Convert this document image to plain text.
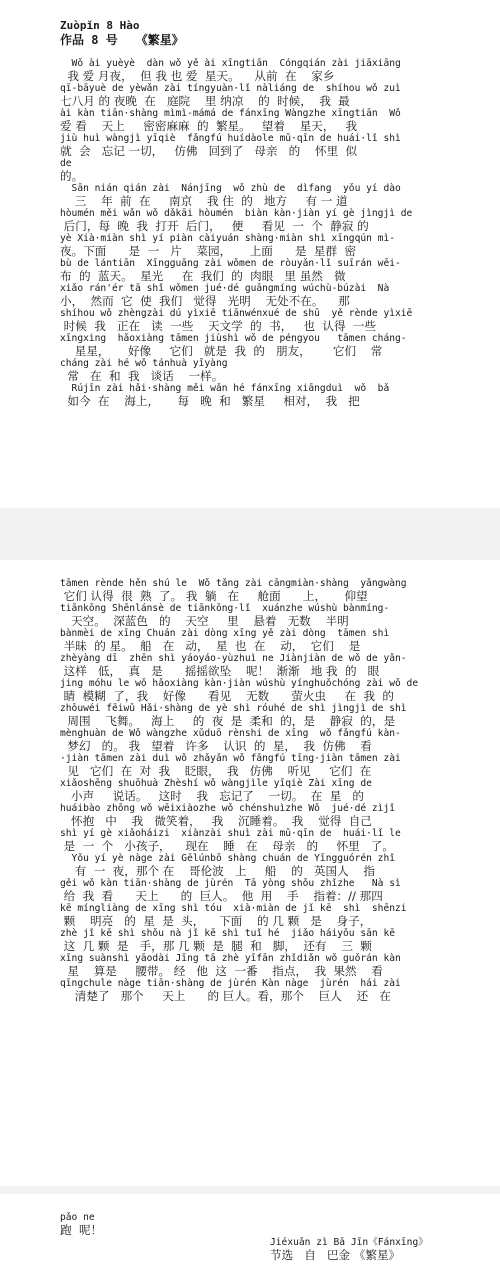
Zuòpǐn 8 Hào
作品 8 号 《繁星》
Wǒ ài yuèyè  dàn wǒ yě ài xīngtiān  Cóngqián zài jiāxiāng
我 爱 月夜，  但 我 也 爱  星天。    从前  在    家乡
qī-bāyuè de yèwǎn zài tíngyuàn·lǐ nàliáng de  shíhou wǒ zuì
七八月 的 夜晚  在   庭院    里 纳凉    的  时候，  我  最
ài kàn tiān·shàng mìmì-mámá de fánxīng Wàngzhe xīngtiān  Wǒ
爱 看    天上     密密麻麻  的  繁星。   望着    星天，   我
jiù huì wàngjì yīqiè  fǎngfú huídàole mǔ·qīn de huái·lǐ shì
就  会   忘记 一切，   仿佛   回到了   母亲   的    怀里  似
de
的。
Sān nián qián zài  Nánjīng  wǒ zhù de  dìfang  yǒu yí dào
三    年  前  在     南京    我 住  的   地方     有 一 道
hòumén měi wǎn wǒ dǎkāi hòumén  biàn kàn·jiàn yí gè jìngjì de
后门，每  晚  我  打开  后门，   便     看见  一  个  静寂 的
yè Xià·miàn shì yí piàn càiyuán shàng·miàn shì xīngqún mì-
夜。下面      是  一   片    菜园，     上面      是  星群  密
bù de lántiān  Xīngguāng zài wǒmen de ròuyǎn·lǐ suīrán wēi-
布  的  蓝天。  星光     在  我们  的  肉眼   里 虽然   微
xiǎo rán'ér tā shǐ wǒmen jué·dé guāngmíng wúchù-búzài  Nà
小，  然而  它  使  我们   觉得   光明    无处不在。    那
shíhou wǒ zhèngzài dú yìxiē tiānwénxué de shū  yě rènde yìxiē
时候  我   正在   读  一些    天文学  的  书，   也  认得  一些
xīngxing  hǎoxiàng tāmen jiùshì wǒ de péngyou   tāmen cháng-
星星，     好像     它们   就是  我  的   朋友，      它们    常
cháng zài hé wǒ tánhuà yīyàng
常   在  和  我   谈话    一样。
Rújīn zài hǎi·shàng měi wǎn hé fánxīng xiāngduì  wǒ  bǎ
如今  在    海上，     每   晚  和   繁星     相对，  我   把
tāmen rènde hěn shú le  Wǒ tǎng zài cāngmiàn·shàng  yǎngwàng
它们 认得  很  熟  了。 我  躺   在     舱面      上，     仰望
tiānkōng Shēnlánsè de tiānkōng·lǐ  xuánzhe wúshù bànmíng-
天空。  深蓝色   的    天空     里    悬着   无数    半明
bànmèi de xīng Chuán zài dòng xīng yě zài dòng  tāmen shì
半昧  的 星。  船   在   动，  星  也  在    动，  它们    是
zhèyàng dī  zhēn shì yáoyáo-yùzhuì ne Jiànjiàn de wǒ de yǎn-
这样   低，  真   是      摇摇欲坠    呢！  渐渐   地 我  的   眼
jing móhu le wǒ hǎoxiàng kàn·jiàn wúshù yínghuǒchóng zài wǒ de
睛  模糊  了，我    好像      看见    无数      萤火虫     在  我  的
zhōuwéi fēiwǔ Hǎi·shàng de yè shì róuhé de shì jìngjì de shì
周围    飞舞。   海上     的  夜  是  柔和  的，是    静寂  的，是
mènghuàn de Wǒ wàngzhe xǔduō rènshi de xīng  wǒ fǎngfú kàn-
梦幻   的。 我   望着   许多    认识  的  星，  我  仿佛    看
·jiàn tāmen zài duì wǒ zhǎyǎn wǒ fǎngfú tīng·jiàn tāmen zài
见   它们  在  对  我    眨眼，  我   仿佛    听见     它们  在
xiǎoshēng shuōhuà Zhèshí wǒ wàngjìle yīqiè Zài xīng de
小声     说话。   这时    我   忘记了    一切。  在  星   的
huáibào zhōng wǒ wēixiàozhe wǒ chénshuìzhe Wǒ  jué·dé zìjǐ
怀抱   中    我   微笑着，   我    沉睡着。  我    觉得  自己
shì yí gè xiǎoháizi  xiànzài shuì zài mǔ·qīn de  huái·lǐ le
是  一  个   小孩子，    现在    睡   在    母亲   的     怀里   了。
Yǒu yí yè nàge zài Gēlúnbō shàng chuán de Yīngguórén zhǐ
有  一  夜，那个 在    哥伦波   上     船    的   英国人    指
gěi wǒ kàn tiān·shàng de jùrén  Tā yòng shǒu zhǐzhe   Nà sì
给  我  看      天上      的  巨人。  他  用    手    指着：// 那四
kē míngliàng de xīng shì tóu  xià·miàn de jǐ kē  shì  shēnzi
颗    明亮   的  星  是  头，    下面    的 几 颗   是    身子，
zhè jǐ kē shì shǒu nà jǐ kē shì tuǐ hé  jiǎo háiyǒu sān kē
这  几 颗  是   手，那 几 颗  是  腿  和   脚，  还有    三  颗
xīng suànshì yāodài Jīng tā zhè yīfān zhǐdiǎn wǒ guǒrán kàn
星    算是     腰带。 经   他  这  一番    指点，  我  果然    看
qīngchule nàge tiān·shàng de jùrén Kàn nàge  jùrén  hái zài
清楚了   那个     天上      的 巨人。看，那个    巨人    还   在
pǎo ne
跑  呢！
Jiéxuǎn zì Bā Jīn《Fánxīng》
节选   自   巴金 《繁星》
